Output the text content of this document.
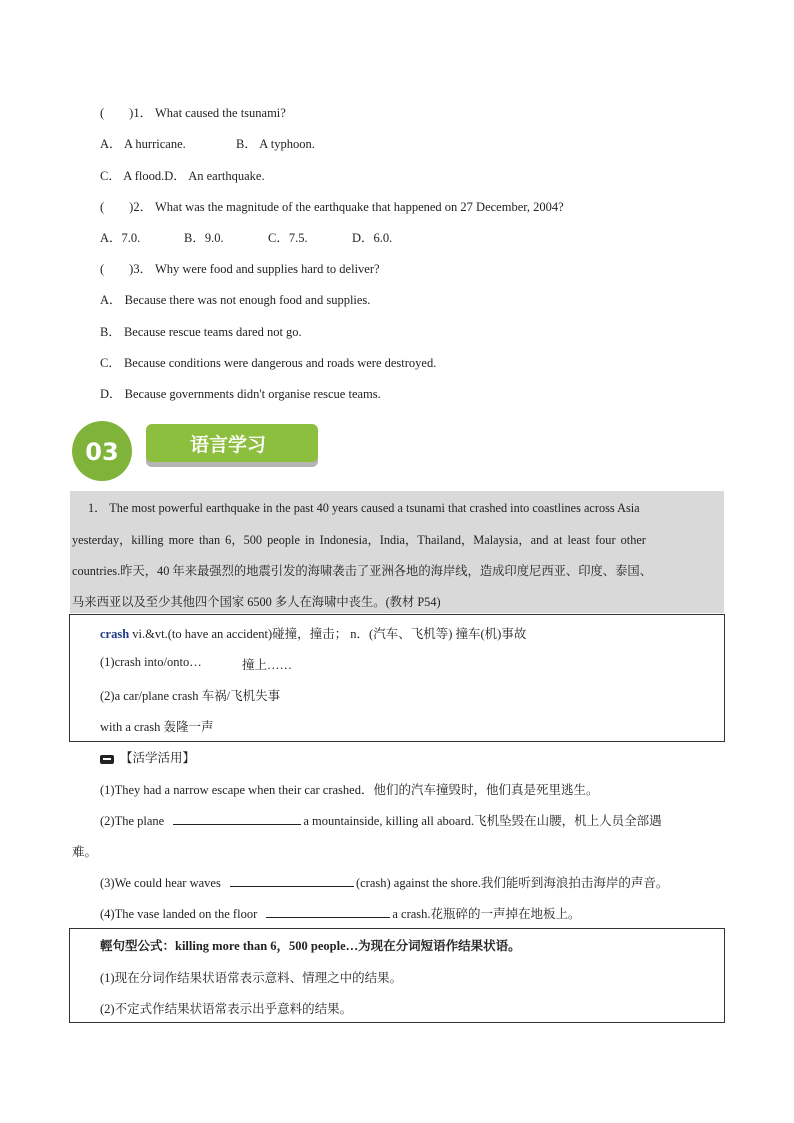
(　　)1． What caused the tsunami?
A． A hurricane.	B． A typhoon.
C． A flood.D． An earthquake.
(　　)2． What was the magnitude of the earthquake that happened on 27 December, 2004?
A．7.0.	B．9.0.	C．7.5.	D．6.0.
(　　)3． Why were food and supplies hard to deliver?
A． Because there was not enough food and supplies.
B． Because rescue teams dared not go.
C． Because conditions were dangerous and roads were destroyed.
D． Because governments didn't organise rescue teams.
03	语言学习
1． The most powerful earthquake in the past 40 years caused a tsunami that crashed into coastlines across Asia
yesterday，killing more than 6，500 people in Indonesia，India，Thailand，Malaysia，and at least four other
countries.昨天，40 年来最强烈的地震引发的海啸袭击了亚洲各地的海岸线，造成印度尼西亚、印度、泰国、
马来西亚以及至少其他四个国家 6500 多人在海啸中丧生。(教材 P54)
crash vi.&vt.(to have an accident)碰撞，撞击； n．(汽车、飞机等) 撞车(机)事故
(1)crash into/onto…	撞上……
(2)a car/plane crash 车祸/飞机失事
with a crash 轰隆一声
【活学活用】
(1)They had a narrow escape when their car crashed．他们的汽车撞毁时，他们真是死里逃生。
(2)The plane	a mountainside, killing all aboard.飞机坠毁在山腰，机上人员全部遇
难。
(3)We could hear waves	(crash) against the shore.我们能听到海浪拍击海岸的声音。
(4)The vase landed on the floor	a crash.花瓶碎的一声掉在地板上。
輕句型公式：killing more than 6，500 people…为现在分词短语作结果状语。
(1)现在分词作结果状语常表示意料、情理之中的结果。
(2)不定式作结果状语常表示出乎意料的结果。
